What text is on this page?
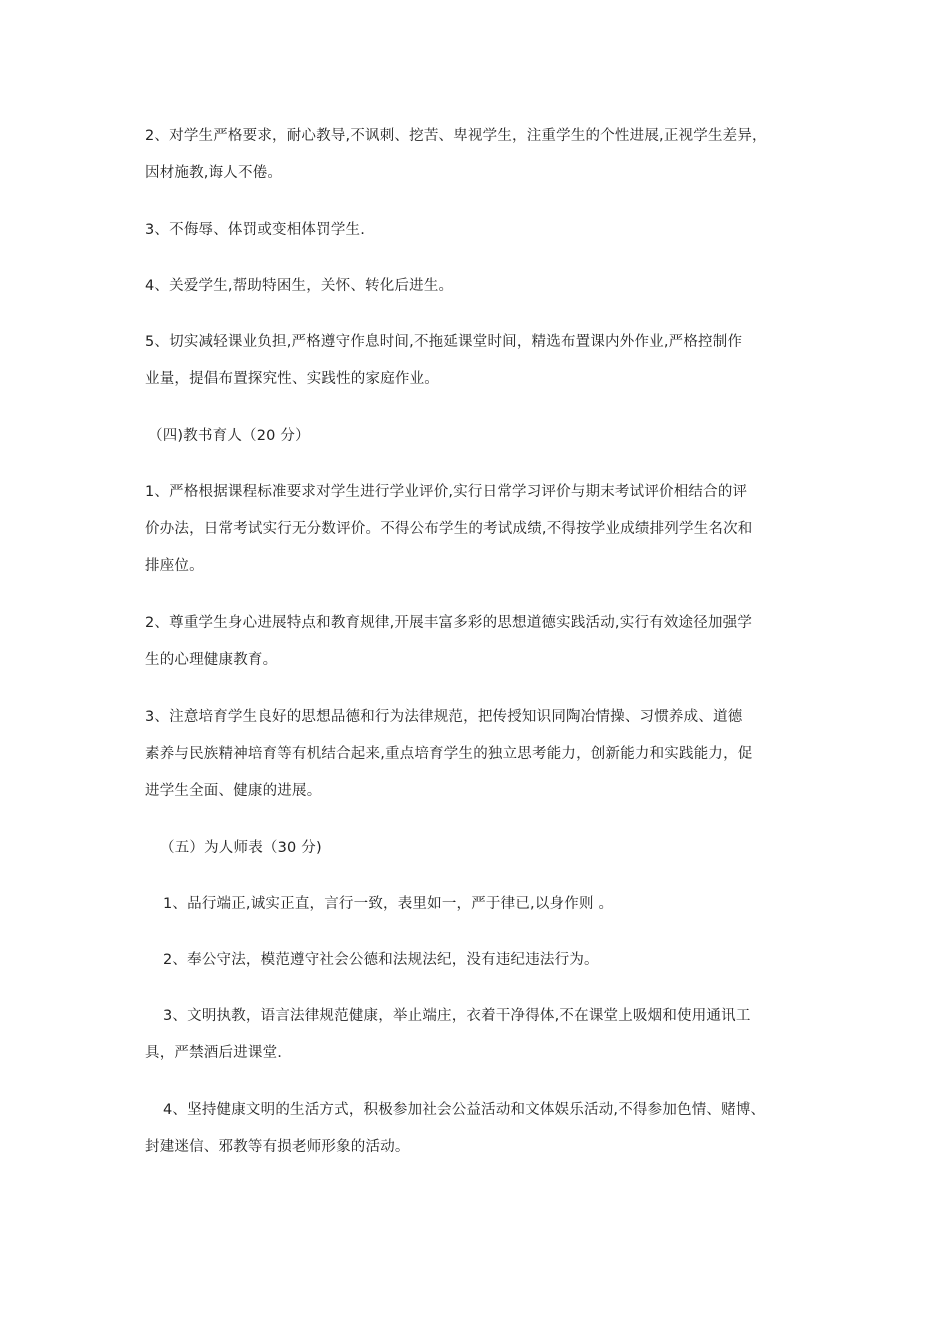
2、对学生严格要求，耐心教导,不讽刺、挖苦、卑视学生，注重学生的个性进展,正视学生差异，
因材施教,诲人不倦。

3、不侮辱、体罚或变相体罚学生.

4、关爱学生,帮助特困生，关怀、转化后进生。

5、切实减轻课业负担,严格遵守作息时间,不拖延课堂时间，精选布置课内外作业,严格控制作
业量，提倡布置探究性、实践性的家庭作业。

（四)教书育人（20 分）

1、严格根据课程标准要求对学生进行学业评价,实行日常学习评价与期末考试评价相结合的评
价办法，日常考试实行无分数评价。不得公布学生的考试成绩,不得按学业成绩排列学生名次和
排座位。

2、尊重学生身心进展特点和教育规律,开展丰富多彩的思想道德实践活动,实行有效途径加强学
生的心理健康教育。

3、注意培育学生良好的思想品德和行为法律规范，把传授知识同陶冶情操、习惯养成、道德
素养与民族精神培育等有机结合起来,重点培育学生的独立思考能力，创新能力和实践能力，促
进学生全面、健康的进展。

（五）为人师表（30 分)

1、品行端正,诚实正直，言行一致，表里如一，严于律已,以身作则 。

2、奉公守法，模范遵守社会公德和法规法纪，没有违纪违法行为。

3、文明执教，语言法律规范健康，举止端庄，衣着干净得体,不在课堂上吸烟和使用通讯工
具，严禁酒后进课堂.

4、坚持健康文明的生活方式，积极参加社会公益活动和文体娱乐活动,不得参加色情、赌博、
封建迷信、邪教等有损老师形象的活动。
